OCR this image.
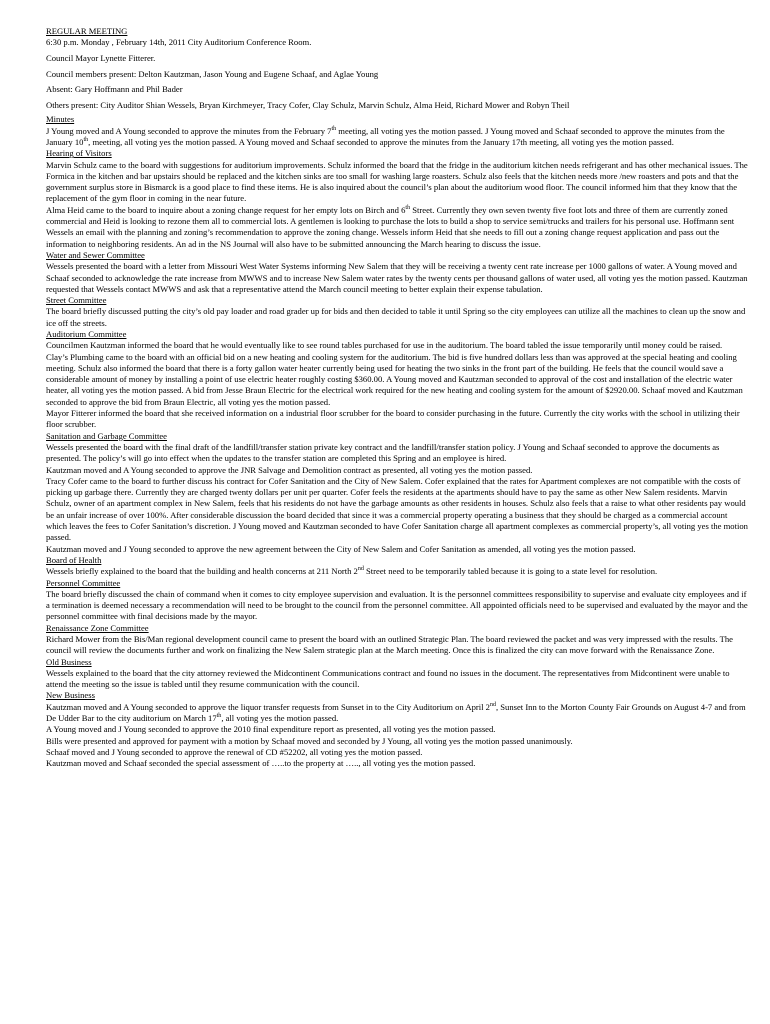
REGULAR MEETING

6:30 p.m. Monday , February 14th, 2011 City Auditorium Conference Room.

Council Mayor Lynette Fitterer.

Council members present: Delton Kautzman, Jason Young and Eugene Schaaf, and Aglae Young

Absent: Gary Hoffmann and Phil Bader

Others present: City Auditor Shian Wessels, Bryan Kirchmeyer, Tracy Cofer, Clay Schulz, Marvin Schulz, Alma Heid, Richard Mower and Robyn Theil

Minutes

J Young moved and A Young seconded to approve the minutes from the February 7th meeting, all voting yes the motion passed. J Young moved and Schaaf seconded to approve the minutes from the January 10th, meeting, all voting yes the motion passed. A Young moved and Schaaf seconded to approve the minutes from the January 17th meeting, all voting yes the motion passed.

Hearing of Visitors

Marvin Schulz came to the board with suggestions for auditorium improvements. Schulz informed the board that the fridge in the auditorium kitchen needs refrigerant and has other mechanical issues. The Formica in the kitchen and bar upstairs should be replaced and the kitchen sinks are too small for washing large roasters. Schulz also feels that the kitchen needs more /new roasters and pots and that the government surplus store in Bismarck is a good place to find these items. He is also inquired about the council’s plan about the auditorium wood floor. The council informed him that they know that the replacement of the gym floor in coming in the near future.

Alma Heid came to the board to inquire about a zoning change request for her empty lots on Birch and 6th Street. Currently they own seven twenty five foot lots and three of them are currently zoned commercial and Heid is looking to rezone them all to commercial lots. A gentlemen is looking to purchase the lots to build a shop to service semi/trucks and trailers for his personal use. Hoffmann sent Wessels an email with the planning and zoning’s recommendation to approve the zoning change. Wessels inform Heid that she needs to fill out a zoning change request application and pass out the information to neighboring residents. An ad in the NS Journal will also have to be submitted announcing the March hearing to discuss the issue.

Water and Sewer Committee

Wessels presented the board with a letter from Missouri West Water Systems informing New Salem that they will be receiving a twenty cent rate increase per 1000 gallons of water. A Young moved and Schaaf seconded to acknowledge the rate increase from MWWS and to increase New Salem water rates by the twenty cents per thousand gallons of water used, all voting yes the motion passed. Kautzman requested that Wessels contact MWWS and ask that a representative attend the March council meeting to better explain their expense tabulation.

Street Committee

The board briefly discussed putting the city’s old pay loader and road grader up for bids and then decided to table it until Spring so the city employees can utilize all the machines to clean up the snow and ice off the streets.

Auditorium Committee

Councilmen Kautzman informed the board that he would eventually like to see round tables purchased for use in the auditorium. The board tabled the issue temporarily until money could be raised.

Clay’s Plumbing came to the board with an official bid on a new heating and cooling system for the auditorium. The bid is five hundred dollars less than was approved at the special heating and cooling meeting. Schulz also informed the board that there is a forty gallon water heater currently being used for heating the two sinks in the front part of the building. He feels that the council would save a considerable amount of money by installing a point of use electric heater roughly costing $360.00. A Young moved and Kautzman seconded to approval of the cost and installation of the electric water heater, all voting yes the motion passed. A bid from Jesse Braun Electric for the electrical work required for the new heating and cooling system for the amount of $2920.00. Schaaf moved and Kautzman seconded to approve the bid from Braun Electric, all voting yes the motion passed.

Mayor Fitterer informed the board that she received information on a industrial floor scrubber for the board to consider purchasing in the future. Currently the city works with the school in utilizing their floor scrubber.

Sanitation and Garbage Committee

Wessels presented the board with the final draft of the landfill/transfer station private key contract and the landfill/transfer station policy. J Young and Schaaf seconded to approve the documents as presented. The policy’s will go into effect when the updates to the transfer station are completed this Spring and an employee is hired.

Kautzman moved and A Young seconded to approve the JNR Salvage and Demolition contract as presented, all voting yes the motion passed.

Tracy Cofer came to the board to further discuss his contract for Cofer Sanitation and the City of New Salem. Cofer explained that the rates for Apartment complexes are not compatible with the costs of picking up garbage there. Currently they are charged twenty dollars per unit per quarter. Cofer feels the residents at the apartments should have to pay the same as other New Salem residents. Marvin Schulz, owner of an apartment complex in New Salem, feels that his residents do not have the garbage amounts as other residents in houses. Schulz also feels that a raise to what other residents pay would be an unfair increase of over 100%. After considerable discussion the board decided that since it was a commercial property operating a business that they should be charged as a commercial account which leaves the fees to Cofer Sanitation’s discretion. J Young moved and Kautzman seconded to have Cofer Sanitation charge all apartment complexes as commercial property’s, all voting yes the motion passed.

Kautzman moved and J Young seconded to approve the new agreement between the City of New Salem and Cofer Sanitation as amended, all voting yes the motion passed.

Board of Health

Wessels briefly explained to the board that the building and health concerns at 211 North 2nd Street need to be temporarily tabled because it is going to a state level for resolution.

Personnel Committee

The board briefly discussed the chain of command when it comes to city employee supervision and evaluation. It is the personnel committees responsibility to supervise and evaluate city employees and if a termination is deemed necessary a recommendation will need to be brought to the council from the personnel committee. All appointed officials need to be supervised and evaluated by the mayor and the personnel committee with final decisions made by the mayor.

Renaissance Zone Committee

Richard Mower from the Bis/Man regional development council came to present the board with an outlined Strategic Plan. The board reviewed the packet and was very impressed with the results. The council will review the documents further and work on finalizing the New Salem strategic plan at the March meeting. Once this is finalized the city can move forward with the Renaissance Zone.

Old Business

Wessels explained to the board that the city attorney reviewed the Midcontinent Communications contract and found no issues in the document. The representatives from Midcontinent were unable to attend the meeting so the issue is tabled until they resume communication with the council.

New Business

Kautzman moved and A Young seconded to approve the liquor transfer requests from Sunset in to the City Auditorium on April 2nd, Sunset Inn to the Morton County Fair Grounds on August 4-7 and from De Udder Bar to the city auditorium on March 17th, all voting yes the motion passed.

A Young moved and J Young seconded to approve the 2010 final expenditure report as presented, all voting yes the motion passed.

Bills were presented and approved for payment with a motion by Schaaf moved and seconded by J Young, all voting yes the motion passed unanimously.

Schaaf moved and J Young seconded to approve the renewal of CD #52202, all voting yes the motion passed.

Kautzman moved and Schaaf seconded the special assessment of …..to the property at ….., all voting yes the motion passed.
